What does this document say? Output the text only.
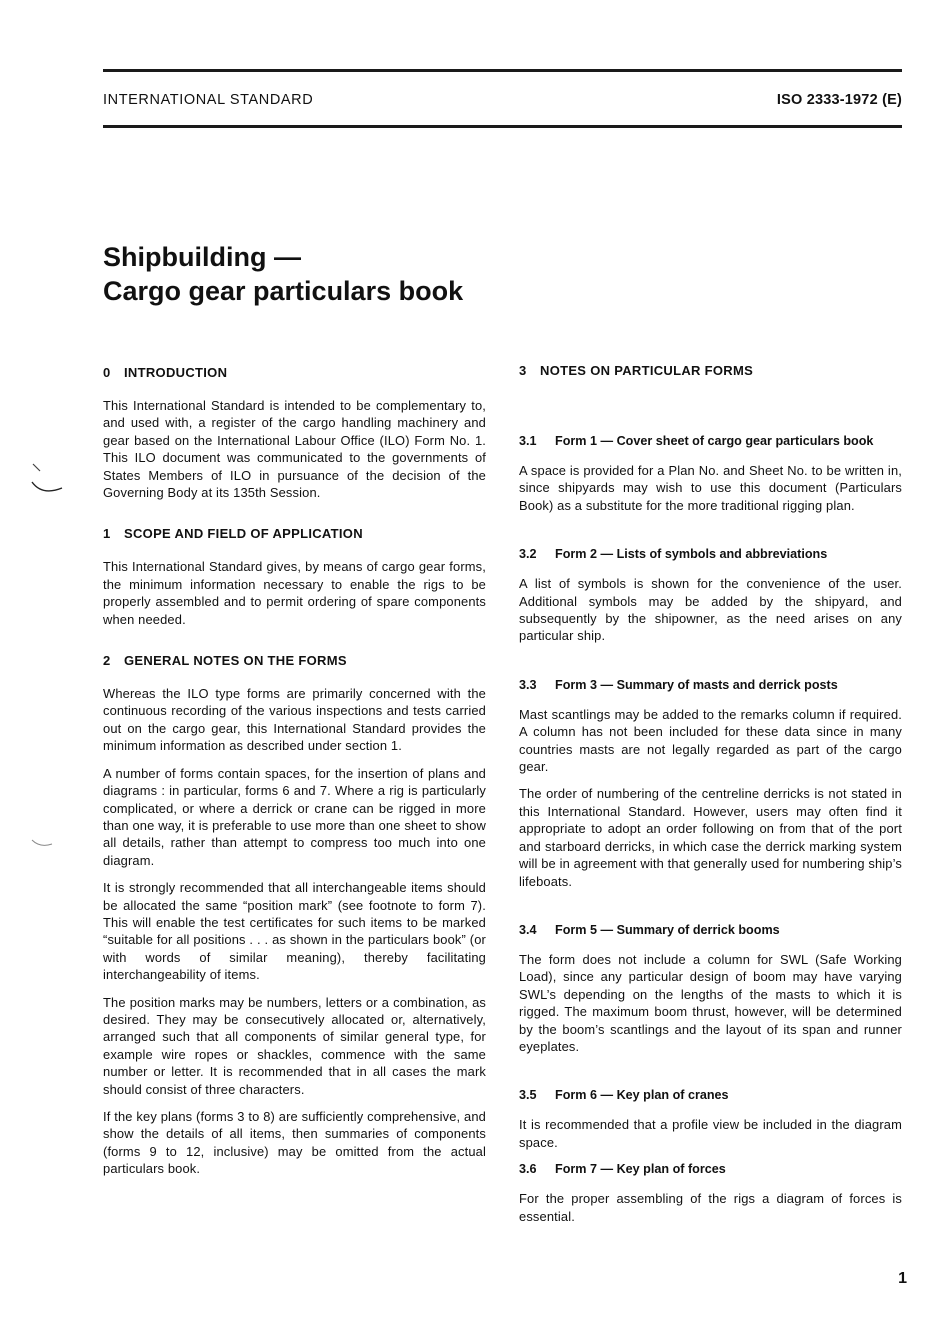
INTERNATIONAL STANDARD	ISO 2333-1972 (E)
Shipbuilding —
Cargo gear particulars book
0 INTRODUCTION

This International Standard is intended to be complementary to, and used with, a register of the cargo handling machinery and gear based on the International Labour Office (ILO) Form No. 1. This ILO document was communicated to the governments of States Members of ILO in pursuance of the decision of the Governing Body at its 135th Session.

1 SCOPE AND FIELD OF APPLICATION

This International Standard gives, by means of cargo gear forms, the minimum information necessary to enable the rigs to be properly assembled and to permit ordering of spare components when needed.

2 GENERAL NOTES ON THE FORMS

Whereas the ILO type forms are primarily concerned with the continuous recording of the various inspections and tests carried out on the cargo gear, this International Standard provides the minimum information as described under section 1.

A number of forms contain spaces, for the insertion of plans and diagrams : in particular, forms 6 and 7. Where a rig is particularly complicated, or where a derrick or crane can be rigged in more than one way, it is preferable to use more than one sheet to show all details, rather than attempt to compress too much into one diagram.

It is strongly recommended that all interchangeable items should be allocated the same “position mark” (see footnote to form 7). This will enable the test certificates for such items to be marked “suitable for all positions . . . as shown in the particulars book” (or with words of similar meaning), thereby facilitating interchangeability of items.

The position marks may be numbers, letters or a combination, as desired. They may be consecutively allocated or, alternatively, arranged such that all components of similar general type, for example wire ropes or shackles, commence with the same number or letter. It is recommended that in all cases the mark should consist of three characters.

If the key plans (forms 3 to 8) are sufficiently comprehensive, and show the details of all items, then summaries of components (forms 9 to 12, inclusive) may be omitted from the actual particulars book.

3 NOTES ON PARTICULAR FORMS
3.1 Form 1 — Cover sheet of cargo gear particulars book

A space is provided for a Plan No. and Sheet No. to be written in, since shipyards may wish to use this document (Particulars Book) as a substitute for the more traditional rigging plan.

3.2 Form 2 — Lists of symbols and abbreviations

A list of symbols is shown for the convenience of the user. Additional symbols may be added by the shipyard, and subsequently by the shipowner, as the need arises on any particular ship.

3.3 Form 3 — Summary of masts and derrick posts

Mast scantlings may be added to the remarks column if required. A column has not been included for these data since in many countries masts are not legally regarded as part of the cargo gear.

The order of numbering of the centreline derricks is not stated in this International Standard. However, users may often find it appropriate to adopt an order following on from that of the port and starboard derricks, in which case the derrick marking system will be in agreement with that generally used for numbering ship’s lifeboats.

3.4 Form 5 — Summary of derrick booms

The form does not include a column for SWL (Safe Working Load), since any particular design of boom may have varying SWL’s depending on the lengths of the masts to which it is rigged. The maximum boom thrust, however, will be determined by the boom’s scantlings and the layout of its span and runner eyeplates.

3.5 Form 6 — Key plan of cranes

It is recommended that a profile view be included in the diagram space.

3.6 Form 7 — Key plan of forces

For the proper assembling of the rigs a diagram of forces is essential.

1
